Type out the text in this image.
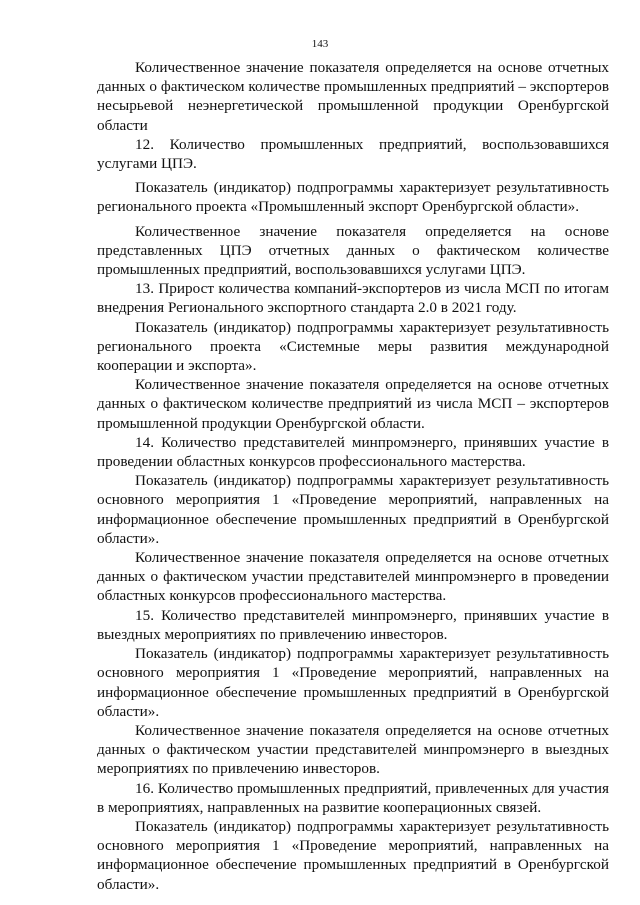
143

Количественное значение показателя определяется на основе отчетных данных о фактическом количестве промышленных предприятий – экспортеров несырьевой неэнергетической промышленной продукции Оренбургской области

12. Количество промышленных предприятий, воспользовавшихся услугами ЦПЭ.

Показатель (индикатор) подпрограммы характеризует результативность регионального проекта «Промышленный экспорт Оренбургской области».

Количественное значение показателя определяется на основе представленных ЦПЭ отчетных данных о фактическом количестве промышленных предприятий, воспользовавшихся услугами ЦПЭ.

13. Прирост количества компаний-экспортеров из числа МСП по итогам внедрения Регионального экспортного стандарта 2.0 в 2021 году.

Показатель (индикатор) подпрограммы характеризует результативность регионального проекта «Системные меры развития международной кооперации и экспорта».

Количественное значение показателя определяется на основе отчетных данных о фактическом количестве предприятий из числа МСП – экспортеров промышленной продукции Оренбургской области.

14. Количество представителей минпромэнерго, принявших участие в проведении областных конкурсов профессионального мастерства.

Показатель (индикатор) подпрограммы характеризует результативность основного мероприятия 1 «Проведение мероприятий, направленных на информационное обеспечение промышленных предприятий в Оренбургской области».

Количественное значение показателя определяется на основе отчетных данных о фактическом участии представителей минпромэнерго в проведении областных конкурсов профессионального мастерства.

15. Количество представителей минпромэнерго, принявших участие в выездных мероприятиях по привлечению инвесторов.

Показатель (индикатор) подпрограммы характеризует результативность основного мероприятия 1 «Проведение мероприятий, направленных на информационное обеспечение промышленных предприятий в Оренбургской области».

Количественное значение показателя определяется на основе отчетных данных о фактическом участии представителей минпромэнерго в выездных мероприятиях по привлечению инвесторов.

16. Количество промышленных предприятий, привлеченных для участия в мероприятиях, направленных на развитие кооперационных связей.

Показатель (индикатор) подпрограммы характеризует результативность основного мероприятия 1 «Проведение мероприятий, направленных на информационное обеспечение промышленных предприятий в Оренбургской области».
